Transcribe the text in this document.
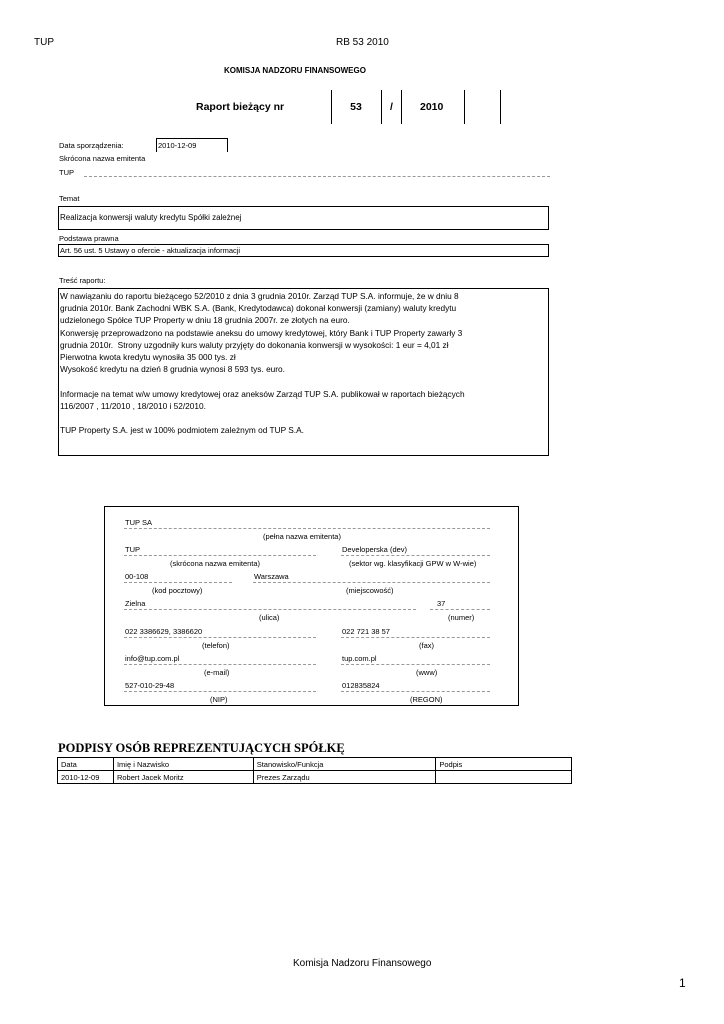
TUP	RB 53 2010
KOMISJA NADZORU FINANSOWEGO
Raport bieżący nr	53	/	2010
Data sporządzenia:	2010-12-09
Skrócona nazwa emitenta
TUP
Temat
Realizacja konwersji waluty kredytu Spółki zależnej
Podstawa prawna
Art. 56 ust. 5 Ustawy o ofercie - aktualizacja informacji
Treść raportu:
W nawiązaniu do raportu bieżącego 52/2010 z dnia 3 grudnia 2010r. Zarząd TUP S.A. informuje, że w dniu 8
grudnia 2010r. Bank Zachodni WBK S.A. (Bank, Kredytodawca) dokonał konwersji (zamiany) waluty kredytu
udzielonego Spółce TUP Property w dniu 18 grudnia 2007r. ze złotych na euro.
Konwersję przeprowadzono na podstawie aneksu do umowy kredytowej, który Bank i TUP Property zawarły 3
grudnia 2010r.  Strony uzgodniły kurs waluty przyjęty do dokonania konwersji w wysokości: 1 eur = 4,01 zł
Pierwotna kwota kredytu wynosiła 35 000 tys. zł
Wysokość kredytu na dzień 8 grudnia wynosi 8 593 tys. euro.
Informacje na temat w/w umowy kredytowej oraz aneksów Zarząd TUP S.A. publikował w raportach bieżących
116/2007 , 11/2010 , 18/2010 i 52/2010.
TUP Property S.A. jest w 100% podmiotem zależnym od TUP S.A.
TUP SA
(pełna nazwa emitenta)
TUP	Developerska (dev)
(skrócona nazwa emitenta)	(sektor wg. klasyfikacji GPW w W-wie)
00-108	Warszawa
(kod pocztowy)	(miejscowość)
Zielna	37
(ulica)	(numer)
022 3386629, 3386620	022 721 38 57
(telefon)	(fax)
info@tup.com.pl	tup.com.pl
(e-mail)	(www)
527-010-29-48	012835824
(NIP)	(REGON)
PODPISY OSÓB REPREZENTUJĄCYCH SPÓŁKĘ
Data	Imię i Nazwisko	Stanowisko/Funkcja	Podpis
2010-12-09	Robert Jacek Moritz	Prezes Zarządu	
Komisja Nadzoru Finansowego
1
